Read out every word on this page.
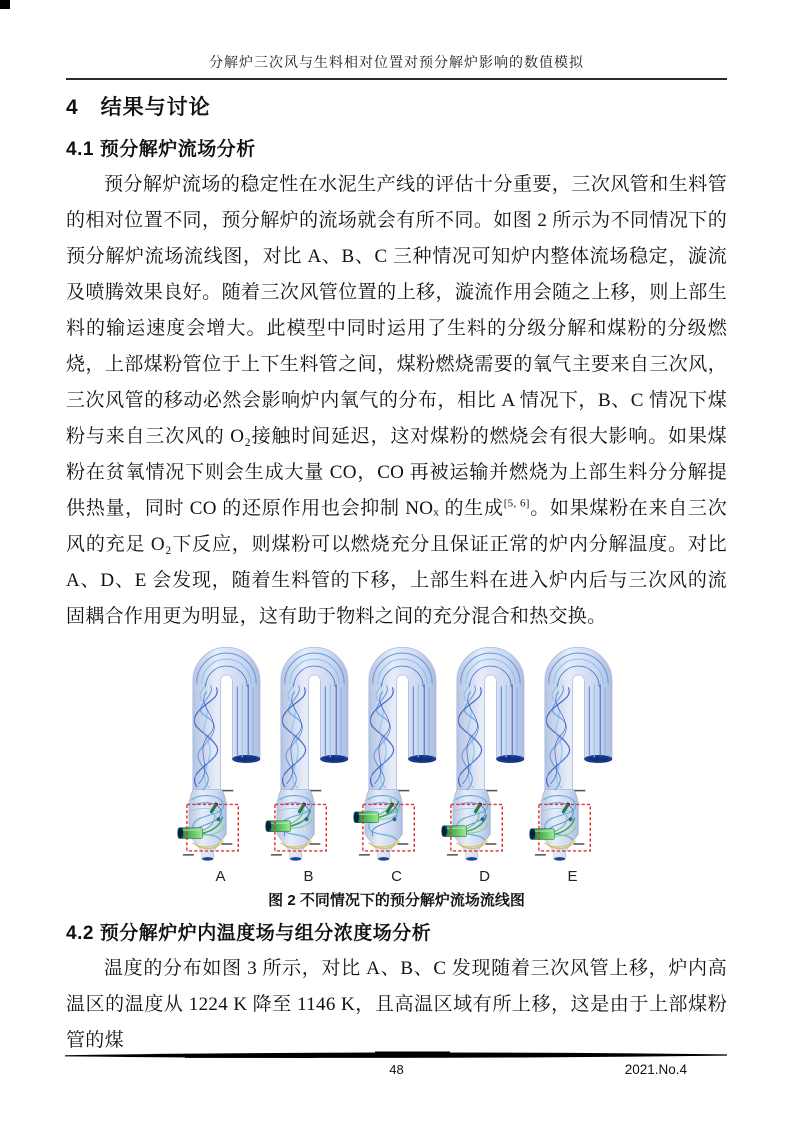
分解炉三次风与生料相对位置对预分解炉影响的数值模拟
4　结果与讨论
4.1 预分解炉流场分析

预分解炉流场的稳定性在水泥生产线的评估十分重要，三次风管和生料管的相对位置不同，预分解炉的流场就会有所不同。如图 2 所示为不同情况下的预分解炉流场流线图，对比 A、B、C 三种情况可知炉内整体流场稳定，漩流及喷腾效果良好。随着三次风管位置的上移，漩流作用会随之上移，则上部生料的输运速度会增大。此模型中同时运用了生料的分级分解和煤粉的分级燃烧，上部煤粉管位于上下生料管之间，煤粉燃烧需要的氧气主要来自三次风，三次风管的移动必然会影响炉内氧气的分布，相比 A 情况下，B、C 情况下煤粉与来自三次风的 O₂接触时间延迟，这对煤粉的燃烧会有很大影响。如果煤粉在贫氧情况下则会生成大量 CO，CO 再被运输并燃烧为上部生料分分解提供热量，同时 CO 的还原作用也会抑制 NOₓ 的生成[5, 6]。如果煤粉在来自三次风的充足 O₂下反应，则煤粉可以燃烧充分且保证正常的炉内分解温度。对比 A、D、E 会发现，随着生料管的下移，上部生料在进入炉内后与三次风的流固耦合作用更为明显，这有助于物料之间的充分混合和热交换。

A	B	C	D	E
图 2 不同情况下的预分解炉流场流线图
4.2 预分解炉炉内温度场与组分浓度场分析

温度的分布如图 3 所示，对比 A、B、C 发现随着三次风管上移，炉内高温区的温度从 1224 K 降至 1146 K，且高温区域有所上移，这是由于上部煤粉管的煤

48	2021.No.4
